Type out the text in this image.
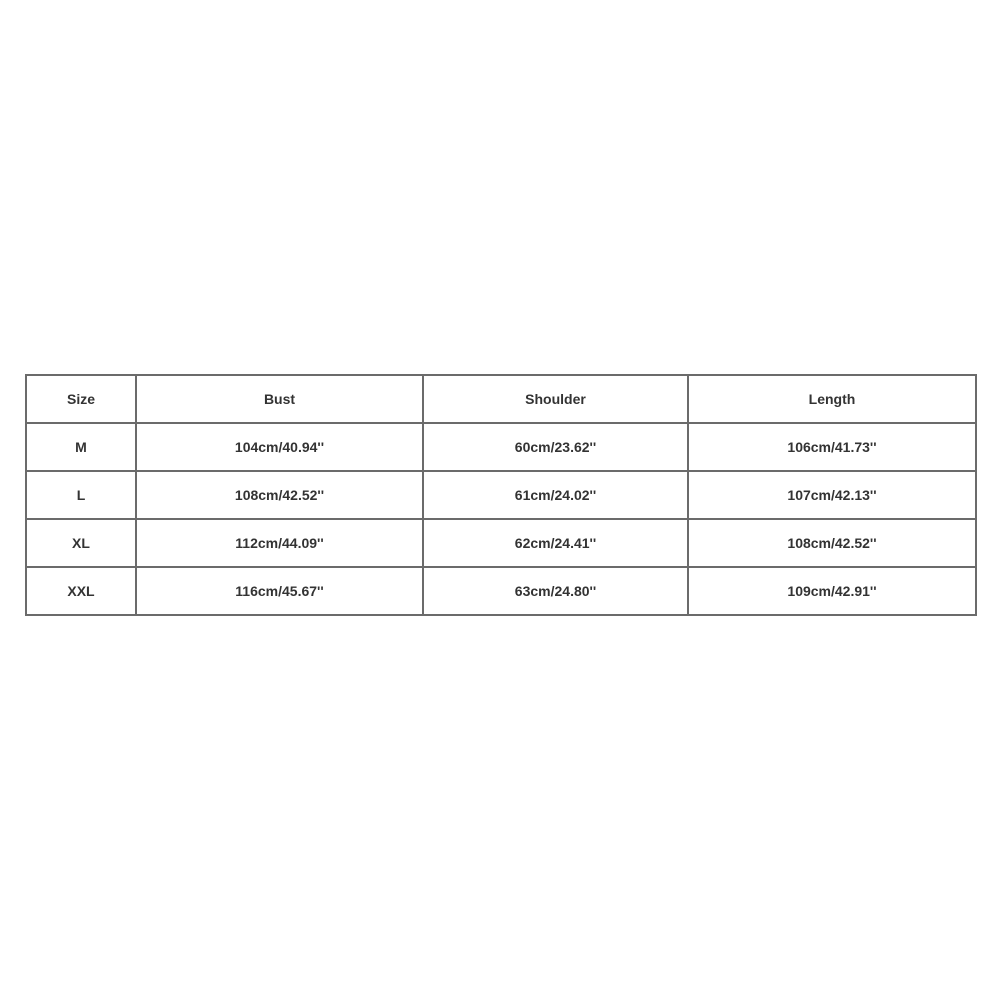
Size	Bust	Shoulder	Length
M	104cm/40.94''	60cm/23.62''	106cm/41.73''
L	108cm/42.52''	61cm/24.02''	107cm/42.13''
XL	112cm/44.09''	62cm/24.41''	108cm/42.52''
XXL	116cm/45.67''	63cm/24.80''	109cm/42.91''
